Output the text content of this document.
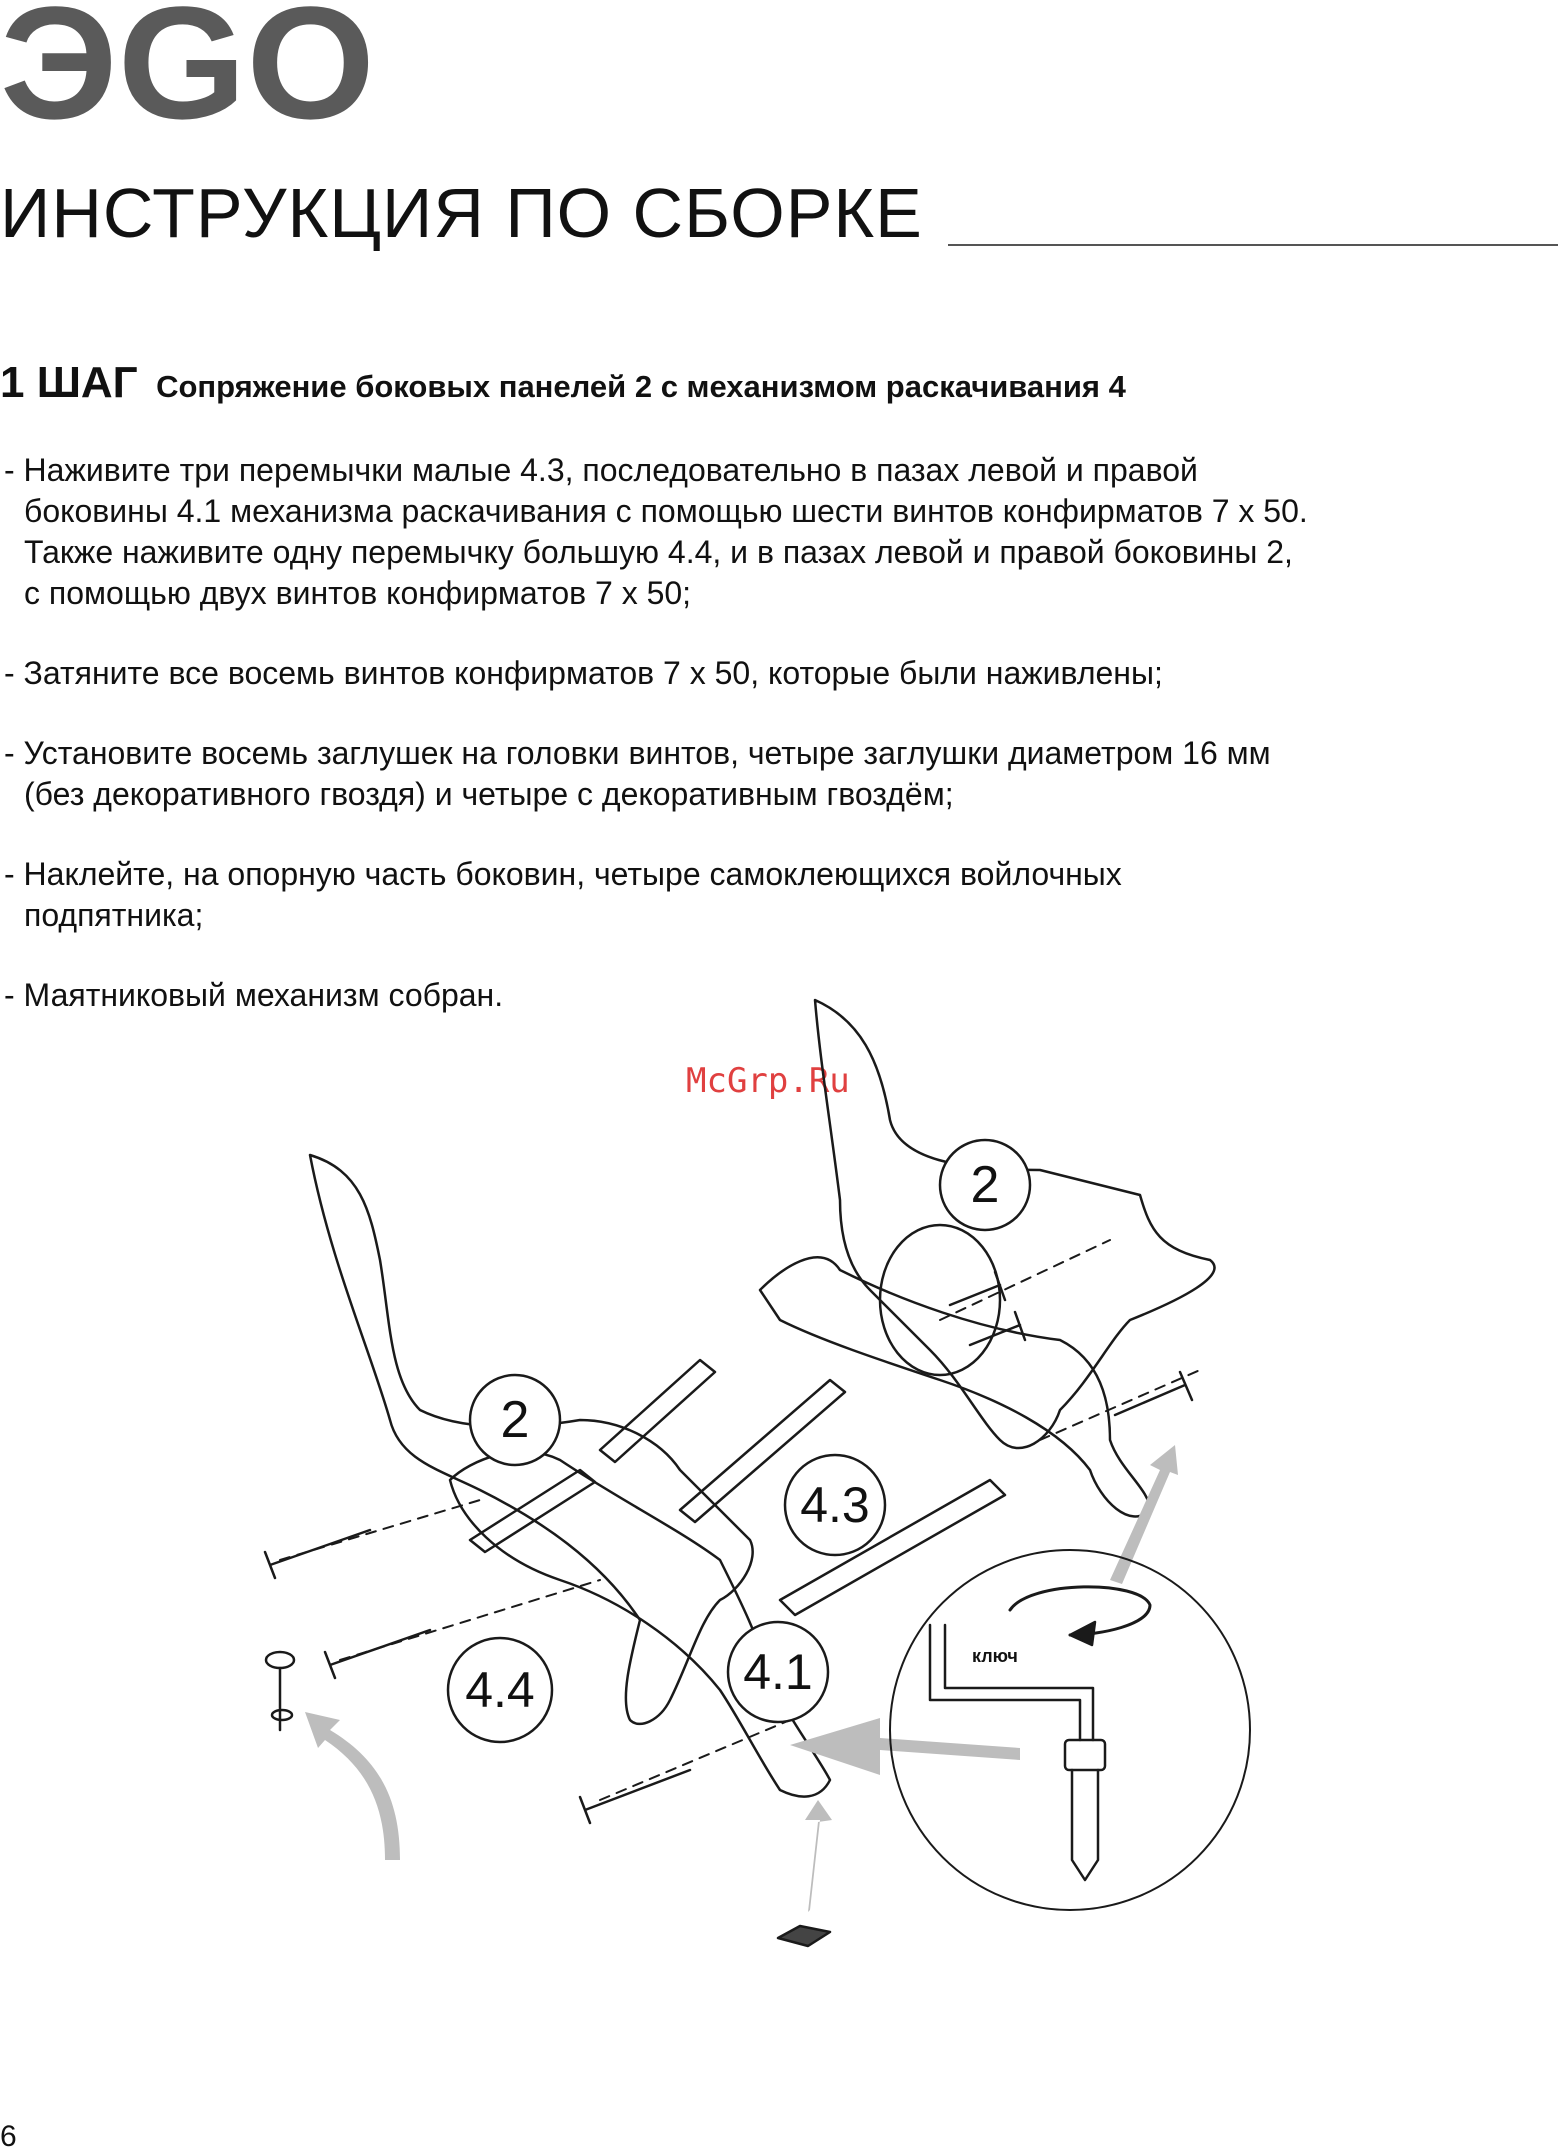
ЭGO
ИНСТРУКЦИЯ ПО СБОРКЕ
1 ШАГ Сопряжение боковых панелей 2 с механизмом раскачивания 4

- Наживите три перемычки малые 4.3, последовательно в пазах левой и правой
боковины 4.1 механизма раскачивания с помощью шести винтов конфирматов 7 х 50.
Также наживите одну перемычку большую 4.4, и в пазах левой и правой боковины 2,
с помощью двух винтов конфирматов 7 х 50;

- Затяните все восемь винтов конфирматов 7 х 50, которые были наживлены;

- Установите восемь заглушек на головки винтов, четыре заглушки диаметром 16 мм
(без декоративного гвоздя) и четыре с декоративным гвоздём;

- Наклейте, на опорную часть боковин, четыре самоклеющихся войлочных
подпятника;

- Маятниковый механизм собран.

McGrp.Ru
ключ
2
2
4.3
4.4	4.1
6
